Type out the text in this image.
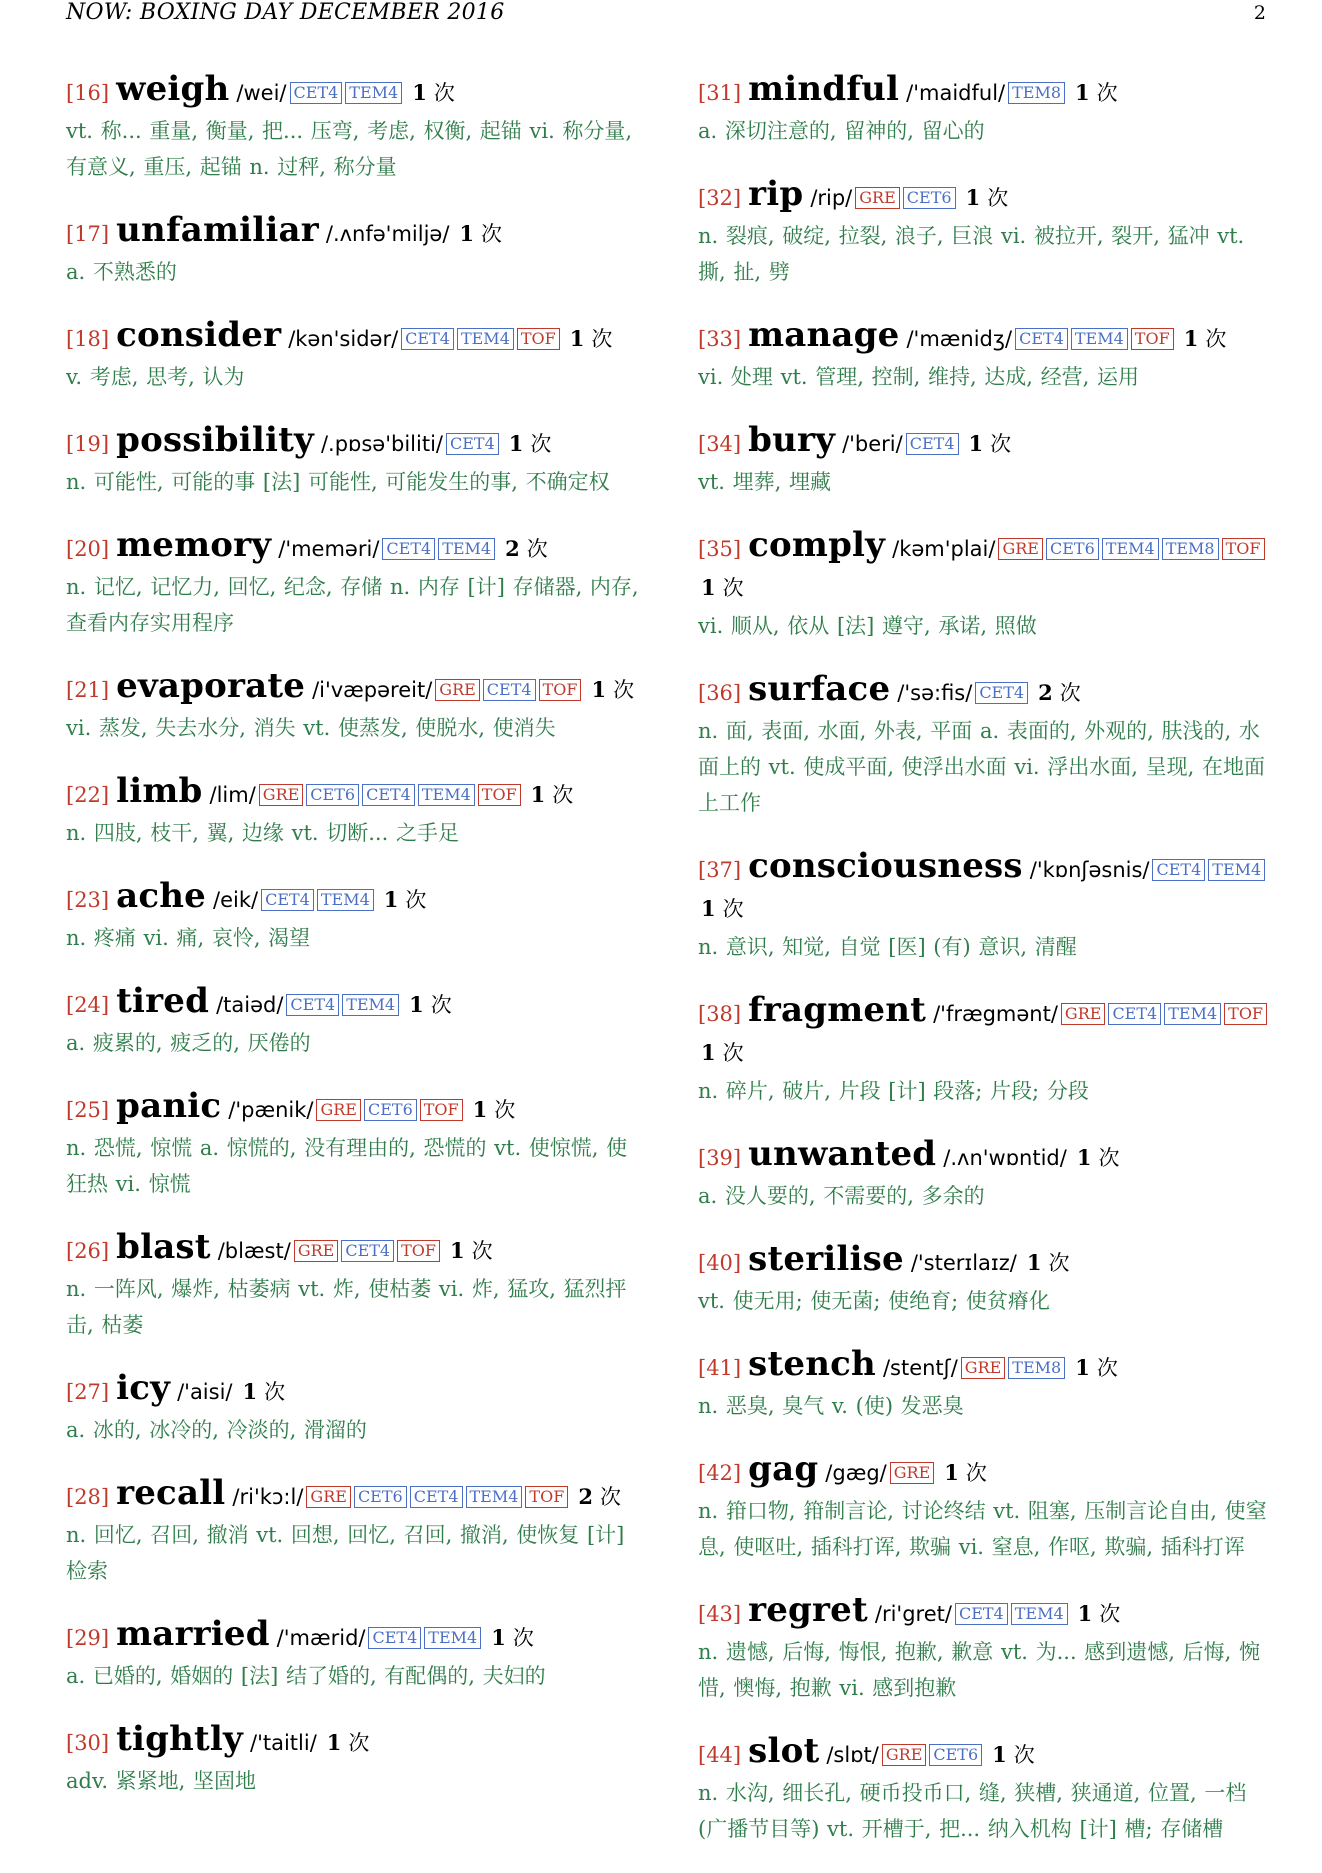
NOW: BOXING DAY DECEMBER 2016	2
[16] weigh /wei/ CET4 TEM4 1 次
vt. 称... 重量, 衡量, 把... 压弯, 考虑, 权衡, 起锚 vi. 称分量, 有意义, 重压, 起锚 n. 过秤, 称分量
[17] unfamiliar /.ʌnfə'miljə/ 1 次
a. 不熟悉的
[18] consider /kən'sidər/ CET4 TEM4 TOF 1 次
v. 考虑, 思考, 认为
[19] possibility /.pɒsə'biliti/ CET4 1 次
n. 可能性, 可能的事 [法] 可能性, 可能发生的事, 不确定权
[20] memory /'meməri/ CET4 TEM4 2 次
n. 记忆, 记忆力, 回忆, 纪念, 存储 n. 内存 [计] 存储器, 内存, 查看内存实用程序
[21] evaporate /i'væpəreit/ GRE CET4 TOF 1 次
vi. 蒸发, 失去水分, 消失 vt. 使蒸发, 使脱水, 使消失
[22] limb /lim/ GRE CET6 CET4 TEM4 TOF 1 次
n. 四肢, 枝干, 翼, 边缘 vt. 切断... 之手足
[23] ache /eik/ CET4 TEM4 1 次
n. 疼痛 vi. 痛, 哀怜, 渴望
[24] tired /taiəd/ CET4 TEM4 1 次
a. 疲累的, 疲乏的, 厌倦的
[25] panic /'pænik/ GRE CET6 TOF 1 次
n. 恐慌, 惊慌 a. 惊慌的, 没有理由的, 恐慌的 vt. 使惊慌, 使狂热 vi. 惊慌
[26] blast /blæst/ GRE CET4 TOF 1 次
n. 一阵风, 爆炸, 枯萎病 vt. 炸, 使枯萎 vi. 炸, 猛攻, 猛烈抨击, 枯萎
[27] icy /'aisi/ 1 次
a. 冰的, 冰冷的, 冷淡的, 滑溜的
[28] recall /ri'kɔ:l/ GRE CET6 CET4 TEM4 TOF 2 次
n. 回忆, 召回, 撤消 vt. 回想, 回忆, 召回, 撤消, 使恢复 [计] 检索
[29] married /'mærid/ CET4 TEM4 1 次
a. 已婚的, 婚姻的 [法] 结了婚的, 有配偶的, 夫妇的
[30] tightly /'taitli/ 1 次
adv. 紧紧地, 坚固地
[31] mindful /'maidful/ TEM8 1 次
a. 深切注意的, 留神的, 留心的
[32] rip /rip/ GRE CET6 1 次
n. 裂痕, 破绽, 拉裂, 浪子, 巨浪 vi. 被拉开, 裂开, 猛冲 vt. 撕, 扯, 劈
[33] manage /'mænidʒ/ CET4 TEM4 TOF 1 次
vi. 处理 vt. 管理, 控制, 维持, 达成, 经营, 运用
[34] bury /'beri/ CET4 1 次
vt. 埋葬, 埋藏
[35] comply /kəm'plai/ GRE CET6 TEM4 TEM8 TOF 1 次
vi. 顺从, 依从 [法] 遵守, 承诺, 照做
[36] surface /'sə:fis/ CET4 2 次
n. 面, 表面, 水面, 外表, 平面 a. 表面的, 外观的, 肤浅的, 水面上的 vt. 使成平面, 使浮出水面 vi. 浮出水面, 呈现, 在地面上工作
[37] consciousness /'kɒnʃəsnis/ CET4 TEM4 1 次
n. 意识, 知觉, 自觉 [医] (有) 意识, 清醒
[38] fragment /'frægmənt/ GRE CET4 TEM4 TOF 1 次
n. 碎片, 破片, 片段 [计] 段落; 片段; 分段
[39] unwanted /.ʌn'wɒntid/ 1 次
a. 没人要的, 不需要的, 多余的
[40] sterilise /'sterɪlaɪz/ 1 次
vt. 使无用; 使无菌; 使绝育; 使贫瘠化
[41] stench /stentʃ/ GRE TEM8 1 次
n. 恶臭, 臭气 v. (使) 发恶臭
[42] gag /gæg/ GRE 1 次
n. 箝口物, 箝制言论, 讨论终结 vt. 阻塞, 压制言论自由, 使窒息, 使呕吐, 插科打诨, 欺骗 vi. 窒息, 作呕, 欺骗, 插科打诨
[43] regret /ri'gret/ CET4 TEM4 1 次
n. 遗憾, 后悔, 悔恨, 抱歉, 歉意 vt. 为... 感到遗憾, 后悔, 惋惜, 懊悔, 抱歉 vi. 感到抱歉
[44] slot /slɒt/ GRE CET6 1 次
n. 水沟, 细长孔, 硬币投币口, 缝, 狭槽, 狭通道, 位置, 一档 (广播节目等) vt. 开槽于, 把... 纳入机构 [计] 槽; 存储槽
